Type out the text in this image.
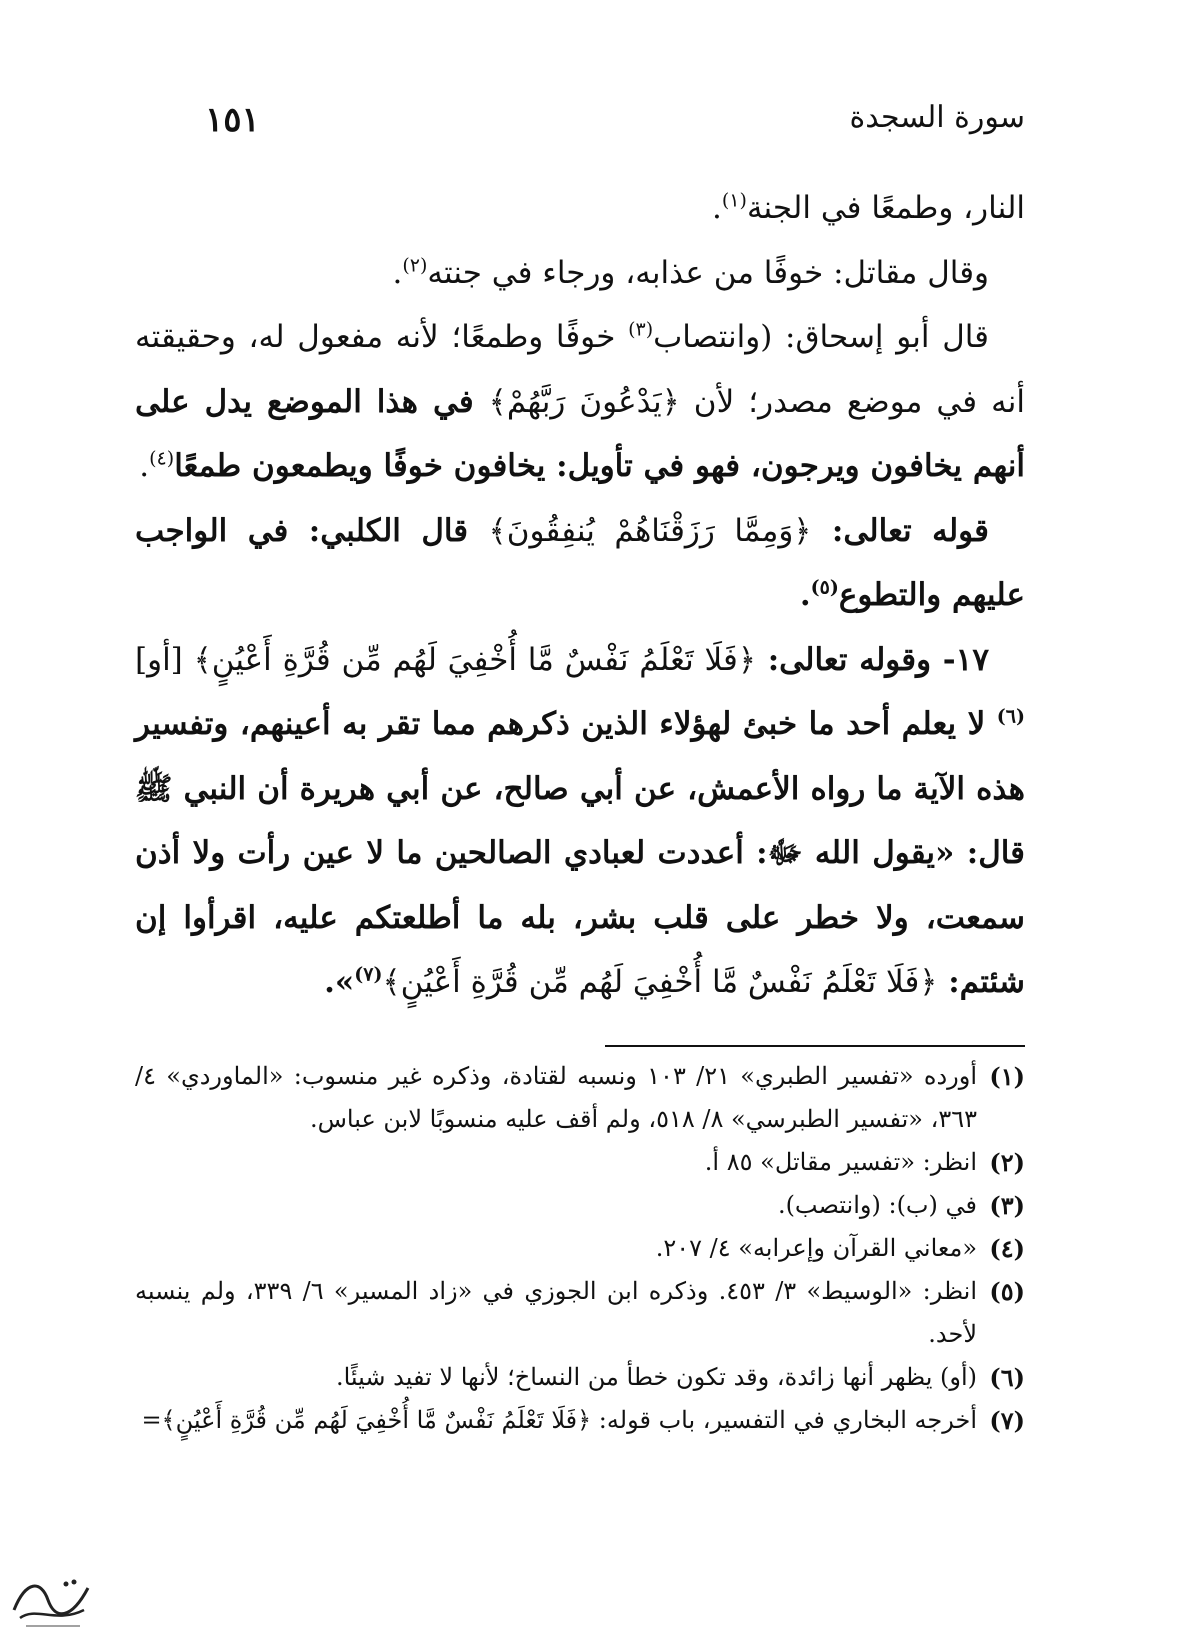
سورة السجدة
١٥١

النار، وطمعًا في الجنة$^{(١)}$.

وقال مقاتل: خوفًا من عذابه، ورجاء في جنته$^{(٢)}$.

قال أبو إسحاق: (وانتصاب$^{(٣)}$ خوفًا وطمعًا؛ لأنه مفعول له، وحقيقته أنه في موضع مصدر؛ لأن ﴿يَدْعُونَ رَبَّهُمْ﴾ في هذا الموضع يدل على أنهم يخافون ويرجون، فهو في تأويل: يخافون خوفًا ويطمعون طمعًا$^{(٤)}$.

قوله تعالى: ﴿وَمِمَّا رَزَقْنَاهُمْ يُنفِقُونَ﴾ قال الكلبي: في الواجب عليهم والتطوع$^{(٥)}$.

١٧- وقوله تعالى: ﴿فَلَا تَعْلَمُ نَفْسٌ مَّا أُخْفِيَ لَهُم مِّن قُرَّةِ أَعْيُنٍ﴾ [أو]$^{(٦)}$ لا يعلم أحد ما خبئ لهؤلاء الذين ذكرهم مما تقر به أعينهم، وتفسير هذه الآية ما رواه الأعمش، عن أبي صالح، عن أبي هريرة أن النبي ﷺ قال: «يقول الله ﷻ: أعددت لعبادي الصالحين ما لا عين رأت ولا أذن سمعت، ولا خطر على قلب بشر، بله ما أطلعتكم عليه، اقرأوا إن شئتم: ﴿فَلَا تَعْلَمُ نَفْسٌ مَّا أُخْفِيَ لَهُم مِّن قُرَّةِ أَعْيُنٍ﴾$^{(٧)}$».

(١)
أورده «تفسير الطبري» ٢١/ ١٠٣ ونسبه لقتادة، وذكره غير منسوب: «الماوردي» ٤/ ٣٦٣، «تفسير الطبرسي» ٨/ ٥١٨، ولم أقف عليه منسوبًا لابن عباس.
(٢)
انظر: «تفسير مقاتل» ٨٥ أ.
(٣)
في (ب): (وانتصب).
(٤)
«معاني القرآن وإعرابه» ٤/ ٢٠٧.
(٥)
انظر: «الوسيط» ٣/ ٤٥٣. وذكره ابن الجوزي في «زاد المسير» ٦/ ٣٣٩، ولم ينسبه لأحد.
(٦)
(أو) يظهر أنها زائدة، وقد تكون خطأ من النساخ؛ لأنها لا تفيد شيئًا.
(٧)
أخرجه البخاري في التفسير، باب قوله: ﴿فَلَا تَعْلَمُ نَفْسٌ مَّا أُخْفِيَ لَهُم مِّن قُرَّةِ أَعْيُنٍ﴾=
